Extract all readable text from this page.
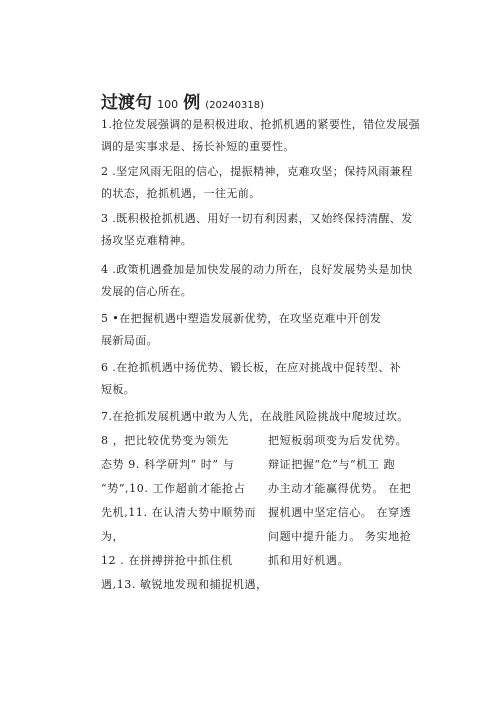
过渡句 100 例 (20240318)
1.抢位发展强调的是积极进取、抢抓机遇的紧要性，错位发展强
调的是实事求是、扬长补短的重要性。
2 .坚定风雨无阻的信心，提振精神，克难攻坚；保持风雨兼程
的状态，抢抓机遇，一往无前。
3 .既积极抢抓机遇、用好一切有利因素，又始终保持清醒、发
扬攻坚克难精神。
4 .政策机遇叠加是加快发展的动力所在，良好发展势头是加快
发展的信心所在。
5 •在把握机遇中塑造发展新优势，在攻坚克难中开创发
展新局面。
6 .在抢抓机遇中扬优势、锻长板，在应对挑战中促转型、补
短板。
7.在抢抓发展机遇中敢为人先，在战胜风险挑战中爬坡过坎。
8 ，把比较优势变为领先
态势 9. 科学研判“ 时” 与
“势”,10. 工作超前才能抢占
先机,11. 在认清大势中顺势而
为，
12 . 在拼搏拼抢中抓住机
遇,13. 敏锐地发现和捕捉机遇，
把短板弱项变为后发优势。
辩证把握“危”与“机工 跑
办主动才能赢得优势。 在把
握机遇中坚定信心。 在穿透
问题中提升能力。 务实地抢
抓和用好机遇。
